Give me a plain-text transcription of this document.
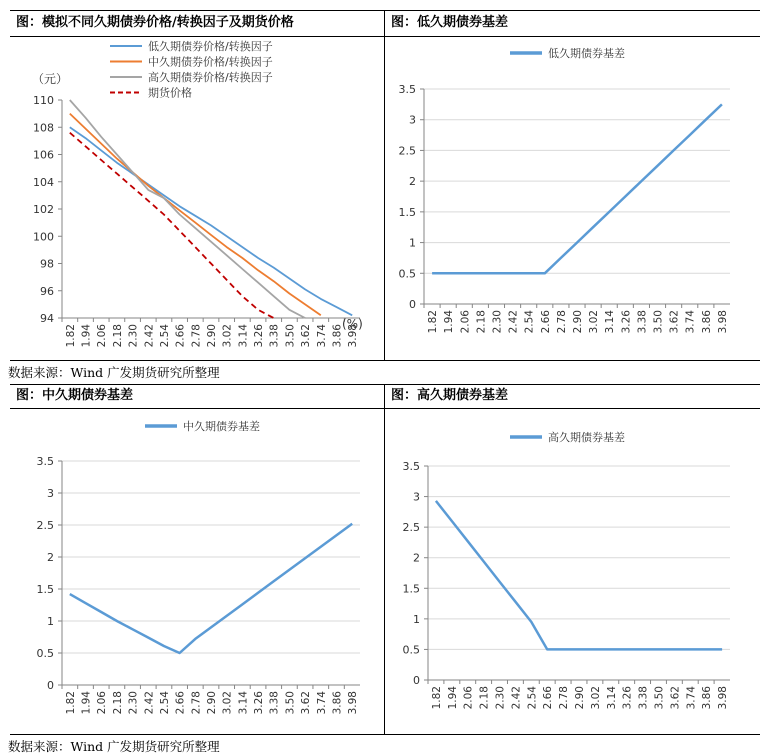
图：模拟不同久期债券价格/转换因子及期货价格	图：低久期债券基差
图：中久期债券基差	图：高久期债券基差
数据来源：Wind 广发期货研究所整理
数据来源：Wind 广发期货研究所整理
94
96
98
100
102
104
106
108
110
1.82 1.94 2.06 2.18 2.30 2.42 2.54 2.66 2.78 2.90 3.02 3.14 3.26 3.38 3.50 3.62 3.74 3.86 3.98
（元）
(%)
低久期债券价格/转换因子
中久期债券价格/转换因子
高久期债券价格/转换因子
期货价格
0
0.5
1
1.5
2
2.5
3
3.5
1.82 1.94 2.06 2.18 2.30 2.42 2.54 2.66 2.78 2.90 3.02 3.14 3.26 3.38 3.50 3.62 3.74 3.86 3.98
低久期债券基差
0
0.5
1
1.5
2
2.5
3
3.5
1.82 1.94 2.06 2.18 2.30 2.42 2.54 2.66 2.78 2.90 3.02 3.14 3.26 3.38 3.50 3.62 3.74 3.86 3.98
中久期债券基差
0
0.5
1
1.5
2
2.5
3
3.5
1.82 1.94 2.06 2.18 2.30 2.42 2.54 2.66 2.78 2.90 3.02 3.14 3.26 3.38 3.50 3.62 3.74 3.86 3.98
高久期债券基差
